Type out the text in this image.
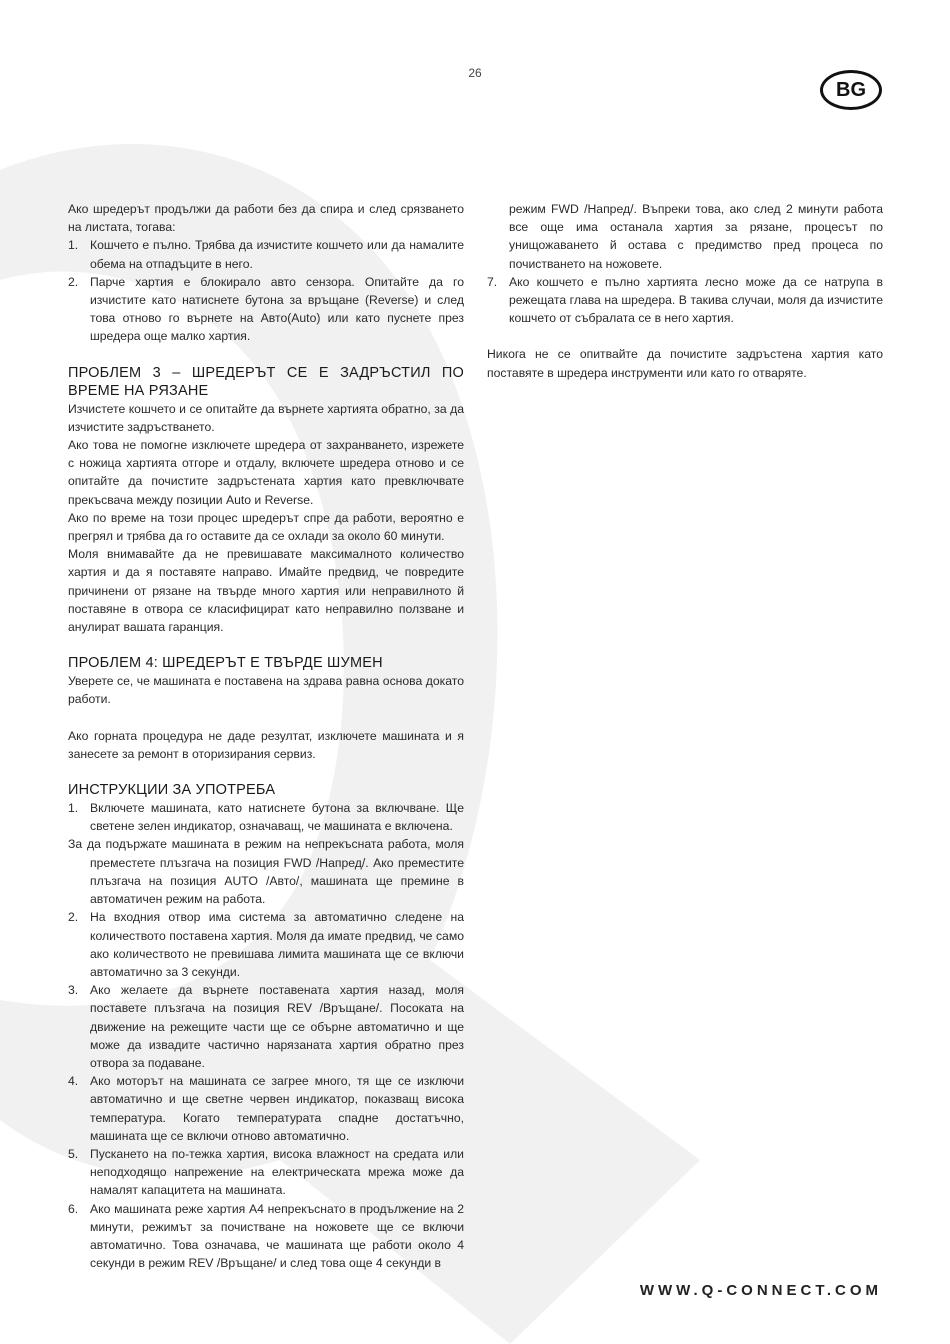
26
BG

Ако шредерът продължи да работи без да спира и след срязването на листата, тогава:

1. Кошчето е пълно. Трябва да изчистите кошчето или да намалите обема на отпадъците в него.
2. Парче хартия е блокирало авто сензора. Опитайте да го изчистите като натиснете бутона за връщане (Reverse) и след това отново го върнете на Авто(Auto) или като пуснете през шредера още малко хартия.
ПРОБЛЕМ 3 – ШРЕДЕРЪТ СЕ Е ЗАДРЪСТИЛ ПО ВРЕМЕ НА РЯЗАНЕ

Изчистете кошчето и се опитайте да върнете хартията обратно, за да изчистите задръстването.

Ако това не помогне изключете шредера от захранването, изрежете с ножица хартията отгоре и отдалу, включете шредера отново и се опитайте да почистите задръстената хартия като превключвате прекъсвача между позиции Auto и Reverse.

Ако по време на този процес шредерът спре да работи, вероятно е прегрял и трябва да го оставите да се охлади за около 60 минути.

Моля внимавайте да не превишавате максималното количество хартия и да я поставяте направо. Имайте предвид, че повредите причинени от рязане на твърде много хартия или неправилното й поставяне в отвора се класифицират като неправилно ползване и анулират вашата гаранция.

ПРОБЛЕМ 4: ШРЕДЕРЪТ Е ТВЪРДЕ ШУМЕН

Уверете се, че машината е поставена на здрава равна основа докато работи.

Ако горната процедура не даде резултат, изключете машината и я занесете за ремонт в оторизирания сервиз.

ИНСТРУКЦИИ ЗА УПОТРЕБА
1. Включете машината, като натиснете бутона за включване. Ще светене зелен индикатор, означаващ, че машината е включена.

За да подържате машината в режим на непрекъсната работа, моля преместете плъзгача на позиция FWD /Напред/. Ако преместите плъзгача на позиция AUTO /Авто/, машината ще премине в автоматичен режим на работа.

2. На входния отвор има система за автоматично следене на количеството поставена хартия. Моля да имате предвид, че само ако количеството не превишава лимита машината ще се включи автоматично за 3 секунди.
3. Ако желаете да върнете поставената хартия назад, моля поставете плъзгача на позиция REV /Връщане/. Посоката на движение на режещите части ще се обърне автоматично и ще може да извадите частично нарязаната хартия обратно през отвора за подаване.
4. Ако моторът на машината се загрее много, тя ще се изключи автоматично и ще светне червен индикатор, показващ висока температура. Когато температурата спадне достатъчно, машината ще се включи отново автоматично.
5. Пускането на по-тежка хартия, висока влажност на средата или неподходящо напрежение на електрическата мрежа може да намалят капацитета на машината.
6. Ако машината реже хартия А4 непрекъснато в продължение на 2 минути, режимът за почистване на ножовете ще се включи автоматично. Това означава, че машината ще работи около 4 секунди в режим REV /Връщане/ и след това още 4 секунди в

режим FWD /Напред/. Въпреки това, ако след 2 минути работа все още има останала хартия за рязане, процесът по унищожаването й остава с предимство пред процеса по почистването на ножовете.

7. Ако кошчето е пълно хартията лесно може да се натрупа в режещата глава на шредера. В такива случаи, моля да изчистите кошчето от събралата се в него хартия.

Никога не се опитвайте да почистите задръстена хартия като поставяте в шредера инструменти или като го отваряте.

WWW.Q-CONNECT.COM
